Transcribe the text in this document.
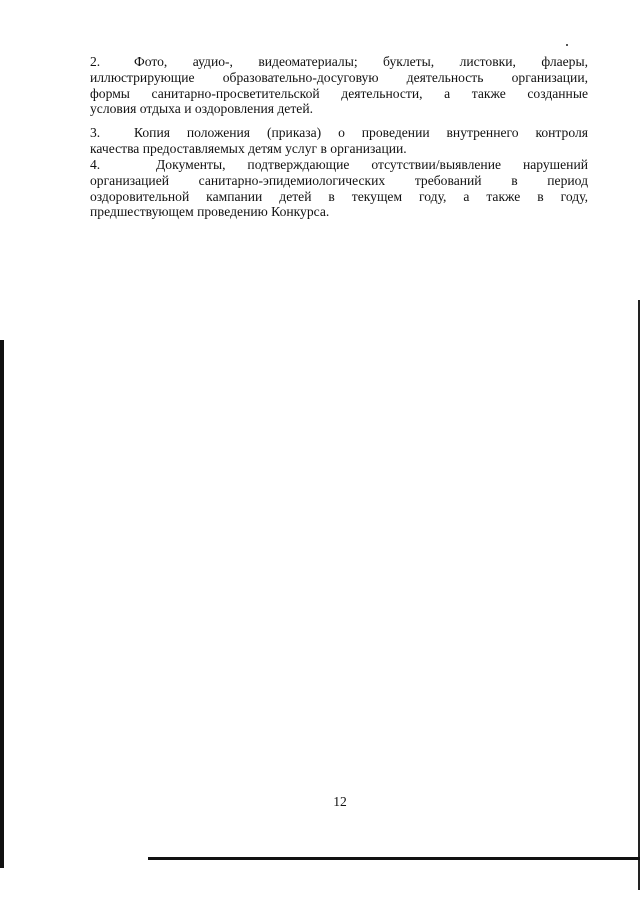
2. Фото, аудио-, видеоматериалы; буклеты, листовки, флаеры,
иллюстрирующие образовательно-досуговую деятельность организации,
формы санитарно-просветительской деятельности, а также созданные
условия отдыха и оздоровления детей.
3. Копия положения (приказа) о проведении внутреннего контроля
качества предоставляемых детям услуг в организации.
4.	Документы, подтверждающие отсутствии/выявление нарушений
организацией санитарно-эпидемиологических требований в период
оздоровительной кампании детей в текущем году, а также в году,
предшествующем проведению Конкурса.
12
